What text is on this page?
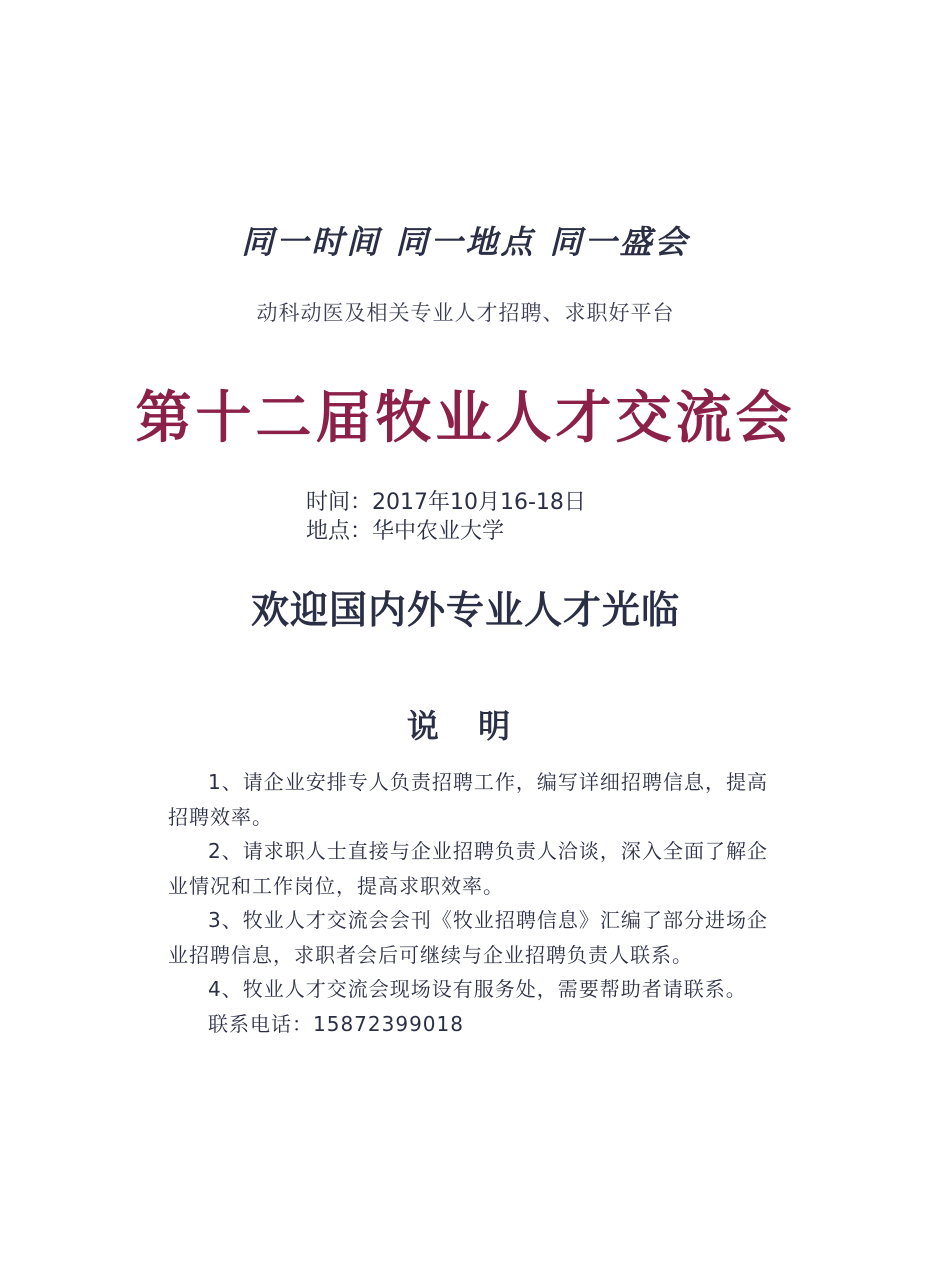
同一时间 同一地点 同一盛会
动科动医及相关专业人才招聘、求职好平台
第十二届牧业人才交流会
时间：2017年10月16-18日
地点：华中农业大学
欢迎国内外专业人才光临
说 明

1、请企业安排专人负责招聘工作，编写详细招聘信息，提高招聘效率。

2、请求职人士直接与企业招聘负责人洽谈，深入全面了解企业情况和工作岗位，提高求职效率。

3、牧业人才交流会会刊《牧业招聘信息》汇编了部分进场企业招聘信息，求职者会后可继续与企业招聘负责人联系。

4、牧业人才交流会现场设有服务处，需要帮助者请联系。

联系电话：15872399018
